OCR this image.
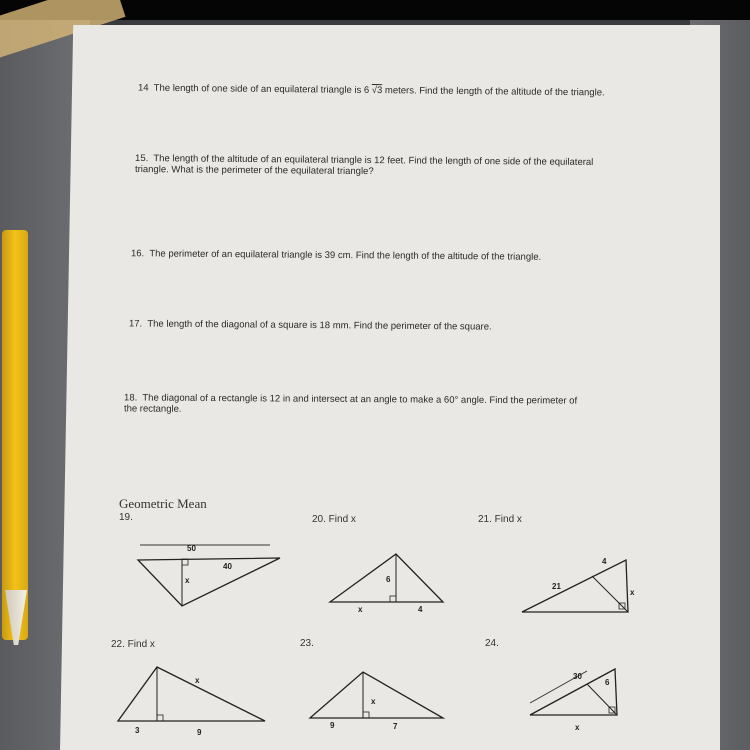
14 The length of one side of an equilateral triangle is 6 √3 meters. Find the length of the altitude of the triangle.
15. The length of the altitude of an equilateral triangle is 12 feet. Find the length of one side of the equilateral
triangle. What is the perimeter of the equilateral triangle?
16. The perimeter of an equilateral triangle is 39 cm. Find the length of the altitude of the triangle.
17. The length of the diagonal of a square is 18 mm. Find the perimeter of the square.
18. The diagonal of a rectangle is 12 in and intersect at an angle to make a 60° angle. Find the perimeter of
the rectangle.
Geometric Mean
19.	20. Find x	21. Find x
22. Find x	23.	24.
50
40
x	6
x	4
4
21
x
x
3	9
x
9	7
30
6
x
